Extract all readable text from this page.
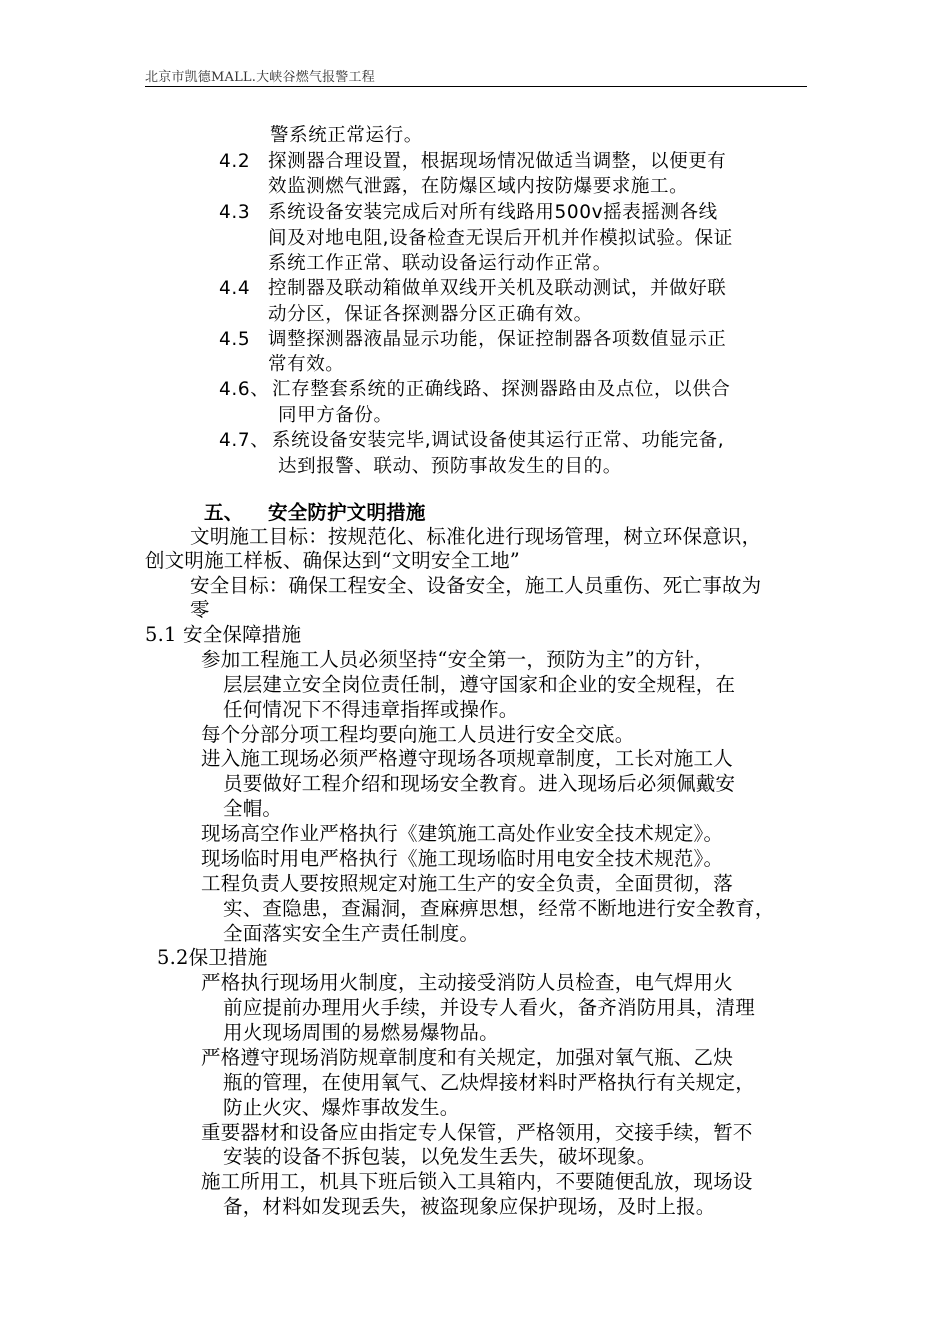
北京市凯德MALL.大峡谷燃气报警工程
警系统正常运行。
4.2 探测器合理设置，根据现场情况做适当调整，以便更有
效监测燃气泄露，在防爆区域内按防爆要求施工。
4.3 系统设备安装完成后对所有线路用500v摇表摇测各线
间及对地电阻,设备检查无误后开机并作模拟试验。保证
系统工作正常、联动设备运行动作正常。
4.4 控制器及联动箱做单双线开关机及联动测试，并做好联
动分区，保证各探测器分区正确有效。
4.5 调整探测器液晶显示功能，保证控制器各项数值显示正
常有效。
4.6、 汇存整套系统的正确线路、探测器路由及点位，以供合
同甲方备份。
4.7、 系统设备安装完毕,调试设备使其运行正常、功能完备,
达到报警、联动、预防事故发生的目的。
五、 安全防护文明措施
文明施工目标：按规范化、标准化进行现场管理，树立环保意识，
创文明施工样板、确保达到“文明安全工地”
安全目标：确保工程安全、设备安全，施工人员重伤、死亡事故为
零
5.1 安全保障措施
参加工程施工人员必须坚持“安全第一，预防为主”的方针，
层层建立安全岗位责任制，遵守国家和企业的安全规程，在
任何情况下不得违章指挥或操作。
每个分部分项工程均要向施工人员进行安全交底。
进入施工现场必须严格遵守现场各项规章制度，工长对施工人
员要做好工程介绍和现场安全教育。进入现场后必须佩戴安
全帽。
现场高空作业严格执行《建筑施工高处作业安全技术规定》。
现场临时用电严格执行《施工现场临时用电安全技术规范》。
工程负责人要按照规定对施工生产的安全负责，全面贯彻，落
实、查隐患，查漏洞，查麻痹思想，经常不断地进行安全教育，
全面落实安全生产责任制度。
5.2保卫措施
严格执行现场用火制度，主动接受消防人员检查，电气焊用火
前应提前办理用火手续，并设专人看火，备齐消防用具，清理
用火现场周围的易燃易爆物品。
严格遵守现场消防规章制度和有关规定，加强对氧气瓶、乙炔
瓶的管理，在使用氧气、乙炔焊接材料时严格执行有关规定，
防止火灾、爆炸事故发生。
重要器材和设备应由指定专人保管，严格领用，交接手续，暂不
安装的设备不拆包装，以免发生丢失，破坏现象。
施工所用工，机具下班后锁入工具箱内，不要随便乱放，现场设
备，材料如发现丢失，被盗现象应保护现场，及时上报。
